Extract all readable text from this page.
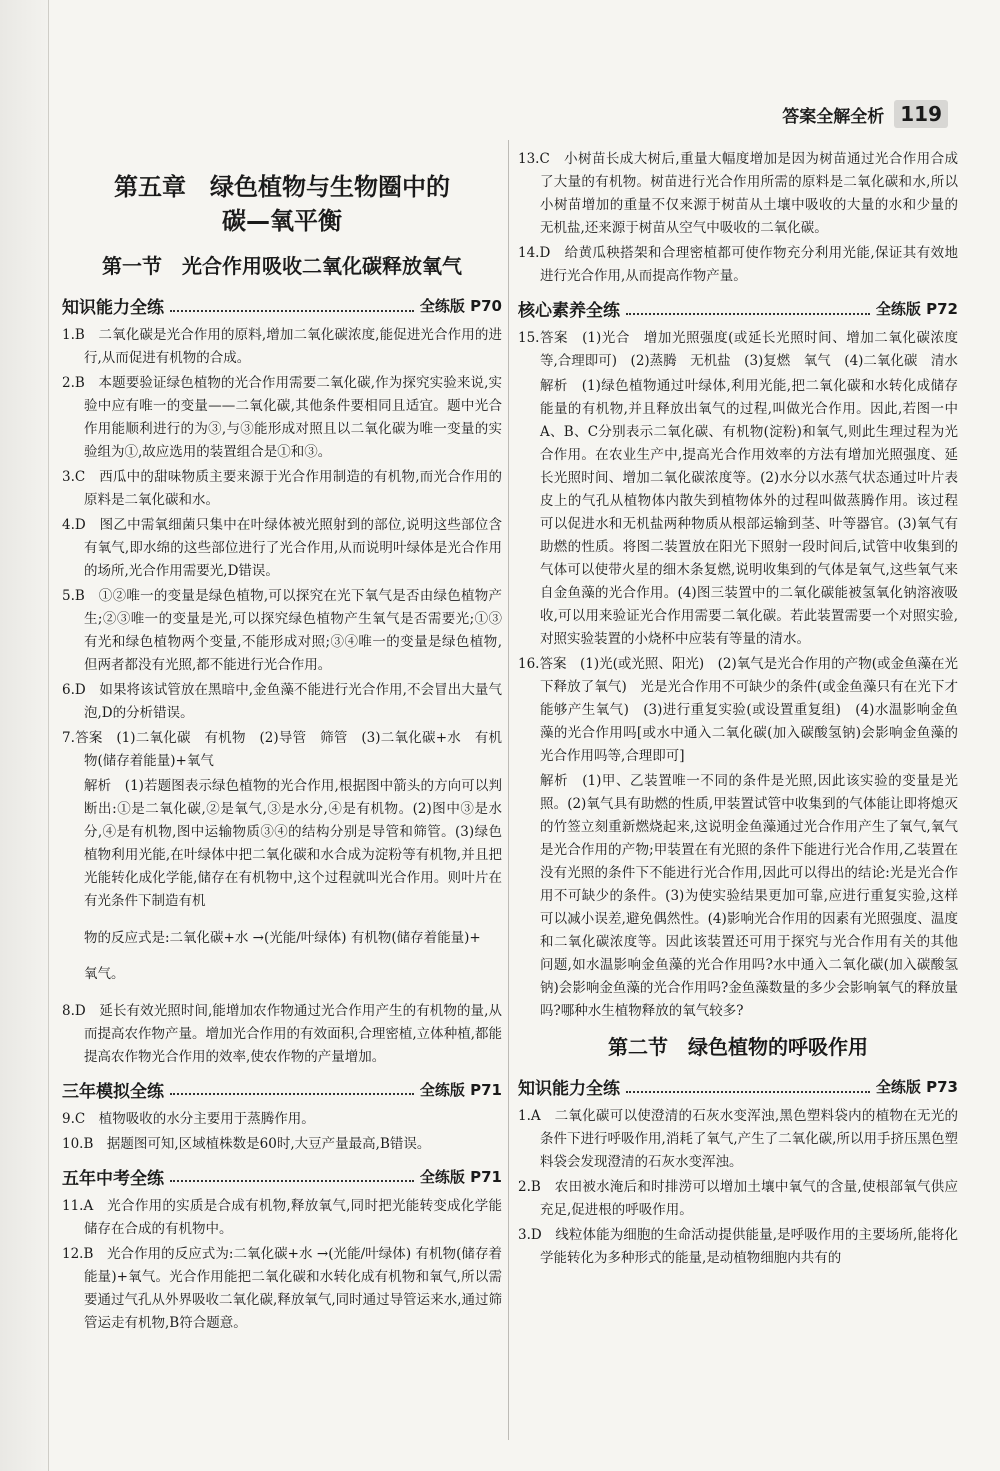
答案全解全析 119
第五章　绿色植物与生物圈中的
碳—氧平衡
第一节　光合作用吸收二氧化碳释放氧气
知识能力全练	全练版 P70

1.B　二氧化碳是光合作用的原料,增加二氧化碳浓度,能促进光合作用的进行,从而促进有机物的合成。

2.B　本题要验证绿色植物的光合作用需要二氧化碳,作为探究实验来说,实验中应有唯一的变量——二氧化碳,其他条件要相同且适宜。题中光合作用能顺利进行的为③,与③能形成对照且以二氧化碳为唯一变量的实验组为①,故应选用的装置组合是①和③。

3.C　西瓜中的甜味物质主要来源于光合作用制造的有机物,而光合作用的原料是二氧化碳和水。

4.D　图乙中需氧细菌只集中在叶绿体被光照射到的部位,说明这些部位含有氧气,即水绵的这些部位进行了光合作用,从而说明叶绿体是光合作用的场所,光合作用需要光,D错误。

5.B　①②唯一的变量是绿色植物,可以探究在光下氧气是否由绿色植物产生;②③唯一的变量是光,可以探究绿色植物产生氧气是否需要光;①③有光和绿色植物两个变量,不能形成对照;③④唯一的变量是绿色植物,但两者都没有光照,都不能进行光合作用。

6.D　如果将该试管放在黑暗中,金鱼藻不能进行光合作用,不会冒出大量气泡,D的分析错误。

7.答案　(1)二氧化碳　有机物　(2)导管　筛管　(3)二氧化碳+水　有机物(储存着能量)+氧气

解析　(1)若题图表示绿色植物的光合作用,根据图中箭头的方向可以判断出:①是二氧化碳,②是氧气,③是水分,④是有机物。(2)图中③是水分,④是有机物,图中运输物质③④的结构分别是导管和筛管。(3)绿色植物利用光能,在叶绿体中把二氧化碳和水合成为淀粉等有机物,并且把光能转化成化学能,储存在有机物中,这个过程就叫光合作用。则叶片在有光条件下制造有机

物的反应式是:二氧化碳+水 →(光能/叶绿体) 有机物(储存着能量)+

氧气。

8.D　延长有效光照时间,能增加农作物通过光合作用产生的有机物的量,从而提高农作物产量。增加光合作用的有效面积,合理密植,立体种植,都能提高农作物光合作用的效率,使农作物的产量增加。

三年模拟全练	全练版 P71

9.C　植物吸收的水分主要用于蒸腾作用。

10.B　据题图可知,区域植株数是60时,大豆产量最高,B错误。

五年中考全练	全练版 P71

11.A　光合作用的实质是合成有机物,释放氧气,同时把光能转变成化学能储存在合成的有机物中。

12.B　光合作用的反应式为:二氧化碳+水 →(光能/叶绿体) 有机物(储存着能量)+氧气。光合作用能把二氧化碳和水转化成有机物和氧气,所以需要通过气孔从外界吸收二氧化碳,释放氧气,同时通过导管运来水,通过筛管运走有机物,B符合题意。

13.C　小树苗长成大树后,重量大幅度增加是因为树苗通过光合作用合成了大量的有机物。树苗进行光合作用所需的原料是二氧化碳和水,所以小树苗增加的重量不仅来源于树苗从土壤中吸收的大量的水和少量的无机盐,还来源于树苗从空气中吸收的二氧化碳。

14.D　给黄瓜秧搭架和合理密植都可使作物充分利用光能,保证其有效地进行光合作用,从而提高作物产量。

核心素养全练	全练版 P72

15.答案　(1)光合　增加光照强度(或延长光照时间、增加二氧化碳浓度等,合理即可)　(2)蒸腾　无机盐　(3)复燃　氧气　(4)二氧化碳　清水

解析　(1)绿色植物通过叶绿体,利用光能,把二氧化碳和水转化成储存能量的有机物,并且释放出氧气的过程,叫做光合作用。因此,若图一中A、B、C分别表示二氧化碳、有机物(淀粉)和氧气,则此生理过程为光合作用。在农业生产中,提高光合作用效率的方法有增加光照强度、延长光照时间、增加二氧化碳浓度等。(2)水分以水蒸气状态通过叶片表皮上的气孔从植物体内散失到植物体外的过程叫做蒸腾作用。该过程可以促进水和无机盐两种物质从根部运输到茎、叶等器官。(3)氧气有助燃的性质。将图二装置放在阳光下照射一段时间后,试管中收集到的气体可以使带火星的细木条复燃,说明收集到的气体是氧气,这些氧气来自金鱼藻的光合作用。(4)图三装置中的二氧化碳能被氢氧化钠溶液吸收,可以用来验证光合作用需要二氧化碳。若此装置需要一个对照实验,对照实验装置的小烧杯中应装有等量的清水。

16.答案　(1)光(或光照、阳光)　(2)氧气是光合作用的产物(或金鱼藻在光下释放了氧气)　光是光合作用不可缺少的条件(或金鱼藻只有在光下才能够产生氧气)　(3)进行重复实验(或设置重复组)　(4)水温影响金鱼藻的光合作用吗[或水中通入二氧化碳(加入碳酸氢钠)会影响金鱼藻的光合作用吗等,合理即可]

解析　(1)甲、乙装置唯一不同的条件是光照,因此该实验的变量是光照。(2)氧气具有助燃的性质,甲装置试管中收集到的气体能让即将熄灭的竹签立刻重新燃烧起来,这说明金鱼藻通过光合作用产生了氧气,氧气是光合作用的产物;甲装置在有光照的条件下能进行光合作用,乙装置在没有光照的条件下不能进行光合作用,因此可以得出的结论:光是光合作用不可缺少的条件。(3)为使实验结果更加可靠,应进行重复实验,这样可以减小误差,避免偶然性。(4)影响光合作用的因素有光照强度、温度和二氧化碳浓度等。因此该装置还可用于探究与光合作用有关的其他问题,如水温影响金鱼藻的光合作用吗?水中通入二氧化碳(加入碳酸氢钠)会影响金鱼藻的光合作用吗?金鱼藻数量的多少会影响氧气的释放量吗?哪种水生植物释放的氧气较多?

第二节　绿色植物的呼吸作用
知识能力全练	全练版 P73

1.A　二氧化碳可以使澄清的石灰水变浑浊,黑色塑料袋内的植物在无光的条件下进行呼吸作用,消耗了氧气,产生了二氧化碳,所以用手挤压黑色塑料袋会发现澄清的石灰水变浑浊。

2.B　农田被水淹后和时排涝可以增加土壤中氧气的含量,使根部氧气供应充足,促进根的呼吸作用。

3.D　线粒体能为细胞的生命活动提供能量,是呼吸作用的主要场所,能将化学能转化为多种形式的能量,是动植物细胞内共有的
